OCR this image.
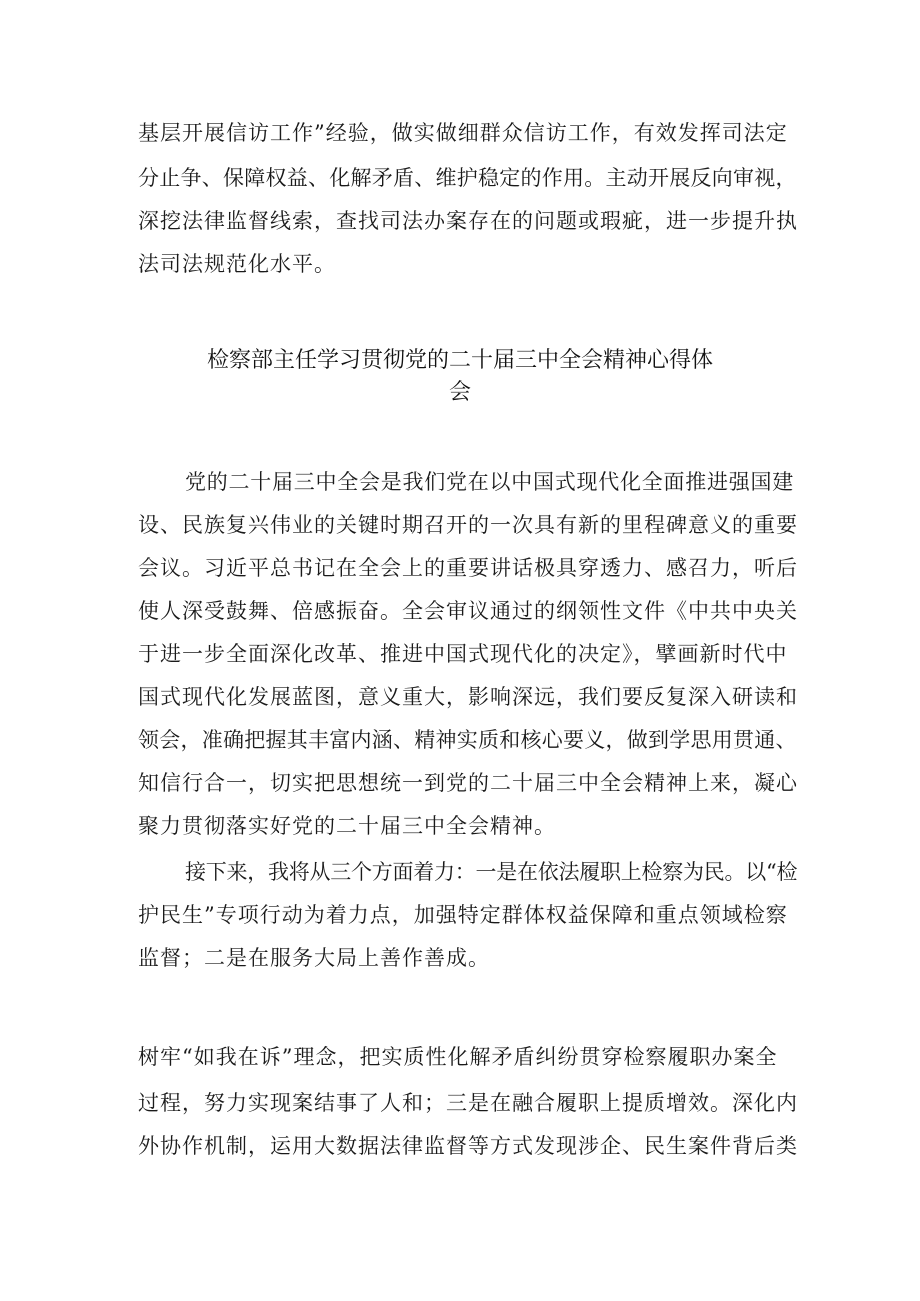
基层开展信访工作”经验，做实做细群众信访工作，有效发挥司法定
分止争、保障权益、化解矛盾、维护稳定的作用。主动开展反向审视，
深挖法律监督线索，查找司法办案存在的问题或瑕疵，进一步提升执
法司法规范化水平。
检察部主任学习贯彻党的二十届三中全会精神心得体
会
党的二十届三中全会是我们党在以中国式现代化全面推进强国建
设、民族复兴伟业的关键时期召开的一次具有新的里程碑意义的重要
会议。习近平总书记在全会上的重要讲话极具穿透力、感召力，听后
使人深受鼓舞、倍感振奋。全会审议通过的纲领性文件《中共中央关
于进一步全面深化改革、推进中国式现代化的决定》，擘画新时代中
国式现代化发展蓝图，意义重大，影响深远，我们要反复深入研读和
领会，准确把握其丰富内涵、精神实质和核心要义，做到学思用贯通、
知信行合一，切实把思想统一到党的二十届三中全会精神上来，凝心
聚力贯彻落实好党的二十届三中全会精神。
接下来，我将从三个方面着力：一是在依法履职上检察为民。以“检
护民生”专项行动为着力点，加强特定群体权益保障和重点领域检察
监督；二是在服务大局上善作善成。
树牢“如我在诉”理念，把实质性化解矛盾纠纷贯穿检察履职办案全
过程，努力实现案结事了人和；三是在融合履职上提质增效。深化内
外协作机制，运用大数据法律监督等方式发现涉企、民生案件背后类
